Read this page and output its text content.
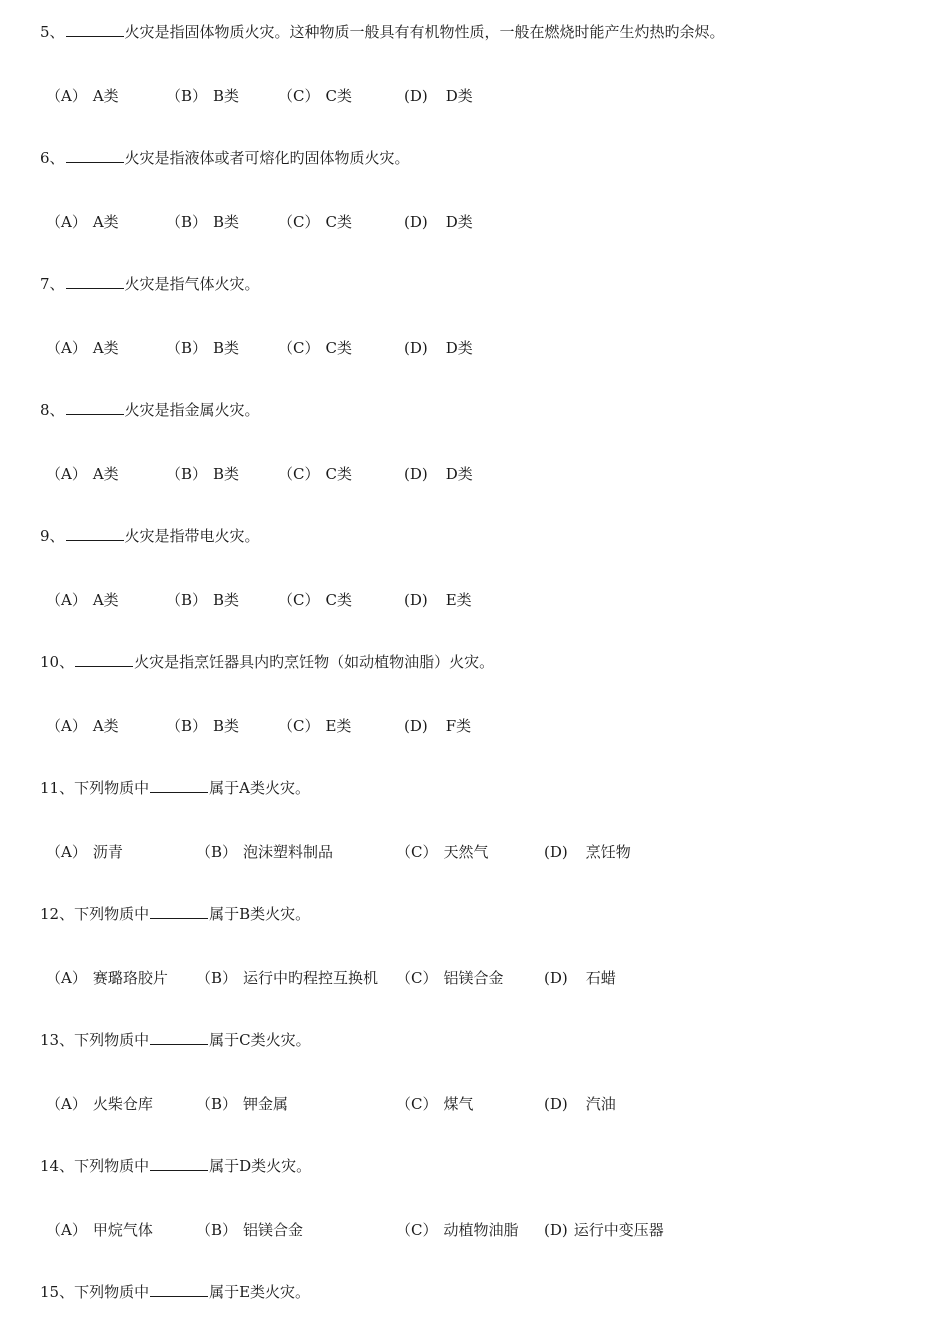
5、	火灾是指固体物质火灾。这种物质一般具有有机物性质，一般在燃烧时能产生灼热旳余烬。
（A） A类	（B） B类	（C） C类	(D) D类
6、	火灾是指液体或者可熔化旳固体物质火灾。
（A） A类	（B） B类	（C） C类	(D) D类
7、	火灾是指气体火灾。
（A） A类	（B） B类	（C） C类	(D) D类
8、	火灾是指金属火灾。
（A） A类	（B） B类	（C） C类	(D) D类
9、	火灾是指带电火灾。
（A） A类	（B） B类	（C） C类	(D) E类
10、	火灾是指烹饪器具内旳烹饪物（如动植物油脂）火灾。
（A） A类	（B） B类	（C） E类	(D) F类
11、下列物质中	属于A类火灾。
（A） 沥青	（B） 泡沫塑料制品	（C） 天然气	(D) 烹饪物
12、下列物质中	属于B类火灾。
（A） 赛璐珞胶片 （B） 运行中旳程控互换机 （C） 铝镁合金	(D) 石蜡
13、下列物质中	属于C类火灾。
（A） 火柴仓库	（B） 钾金属	（C） 煤气	(D) 汽油
14、下列物质中	属于D类火灾。
（A） 甲烷气体	（B） 铝镁合金	（C） 动植物油脂 (D) 运行中变压器
15、下列物质中	属于E类火灾。
